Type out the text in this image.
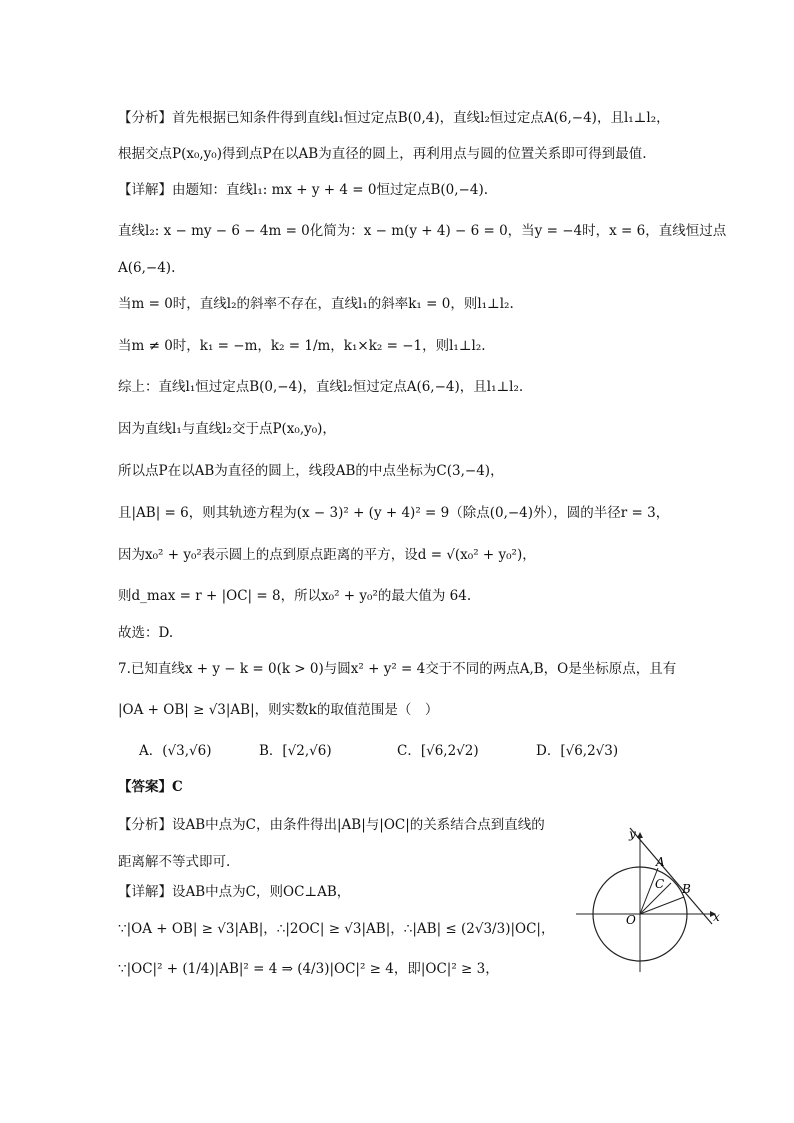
【分析】首先根据已知条件得到直线l₁恒过定点B(0,4)，直线l₂恒过定点A(6,−4)，且l₁⊥l₂，
根据交点P(x₀,y₀)得到点P在以AB为直径的圆上，再利用点与圆的位置关系即可得到最值.
【详解】由题知：直线l₁: mx + y + 4 = 0恒过定点B(0,−4).
直线l₂: x − my − 6 − 4m = 0化简为：x − m(y + 4) − 6 = 0，当y = −4时，x = 6，直线恒过点
A(6,−4).
当m = 0时，直线l₂的斜率不存在，直线l₁的斜率k₁ = 0，则l₁⊥l₂.
当m ≠ 0时，k₁ = −m，k₂ = 1/m，k₁×k₂ = −1，则l₁⊥l₂.
综上：直线l₁恒过定点B(0,−4)，直线l₂恒过定点A(6,−4)，且l₁⊥l₂.
因为直线l₁与直线l₂交于点P(x₀,y₀)，
所以点P在以AB为直径的圆上，线段AB的中点坐标为C(3,−4)，
且|AB| = 6，则其轨迹方程为(x − 3)² + (y + 4)² = 9（除点(0,−4)外），圆的半径r = 3，
因为x₀² + y₀²表示圆上的点到原点距离的平方，设d = √(x₀² + y₀²)，
则d_max = r + |OC| = 8，所以x₀² + y₀²的最大值为 64.
故选：D.
7.已知直线x + y − k = 0(k > 0)与圆x² + y² = 4交于不同的两点A,B，O是坐标原点，且有
|OA + OB| ≥ √3|AB|，则实数k的取值范围是（　）
A．(√3,√6)	B．[√2,√6)	C．[√6,2√2)	D．[√6,2√3)
【答案】C
【分析】设AB中点为C，由条件得出|AB|与|OC|的关系结合点到直线的
距离解不等式即可.
【详解】设AB中点为C，则OC⊥AB，
∵|OA + OB| ≥ √3|AB|，∴|2OC| ≥ √3|AB|，∴|AB| ≤ (2√3/3)|OC|，
∵|OC|² + (1/4)|AB|² = 4 ⇒ (4/3)|OC|² ≥ 4，即|OC|² ≥ 3，
y
x
O
A
B
C
